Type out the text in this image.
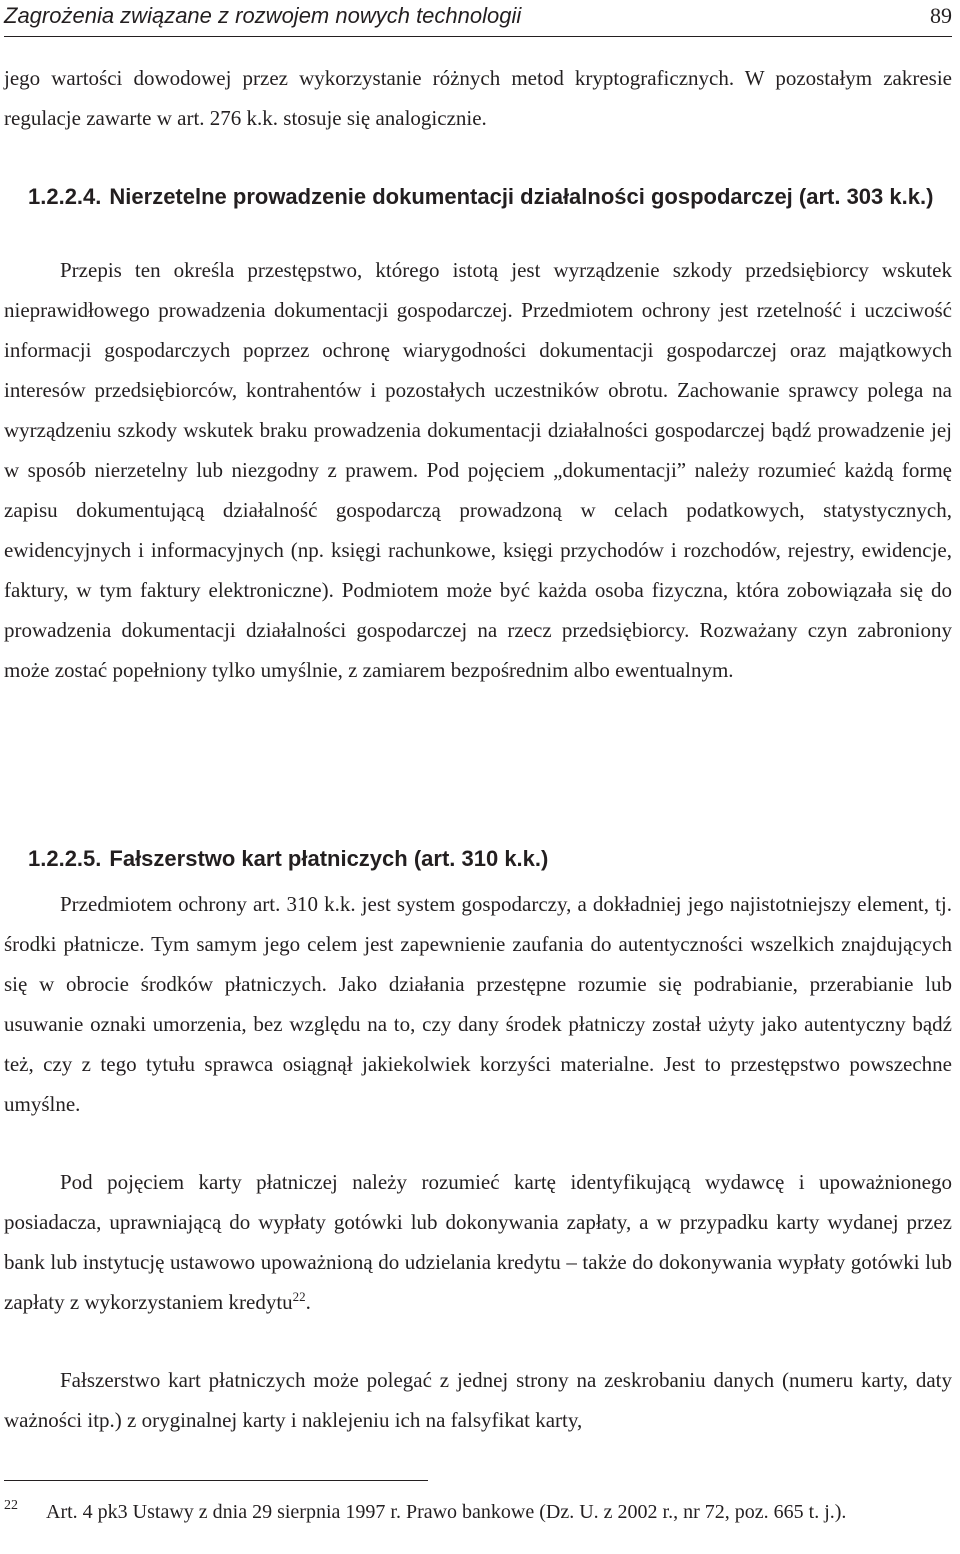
Zagrożenia związane z rozwojem nowych technologii	89

jego wartości dowodowej przez wykorzystanie różnych metod kryptograficznych. W pozostałym zakresie regulacje zawarte w art. 276 k.k. stosuje się analogicznie.

1.2.2.4. Nierzetelne prowadzenie dokumentacji działalności gospodarczej (art. 303 k.k.)

Przepis ten określa przestępstwo, którego istotą jest wyrządzenie szkody przedsiębiorcy wskutek nieprawidłowego prowadzenia dokumentacji gospodarczej. Przedmiotem ochrony jest rzetelność i uczciwość informacji gospodarczych poprzez ochronę wiarygodności dokumentacji gospodarczej oraz majątkowych interesów przedsiębiorców, kontrahentów i pozostałych uczestników obrotu. Zachowanie sprawcy polega na wyrządzeniu szkody wskutek braku prowadzenia dokumentacji działalności gospodarczej bądź prowadzenie jej w sposób nierzetelny lub niezgodny z prawem. Pod pojęciem „dokumentacji” należy rozumieć każdą formę zapisu dokumentującą działalność gospodarczą prowadzoną w celach podatkowych, statystycznych, ewidencyjnych i informacyjnych (np. księgi rachunkowe, księgi przychodów i rozchodów, rejestry, ewidencje, faktury, w tym faktury elektroniczne). Podmiotem może być każda osoba fizyczna, która zobowiązała się do prowadzenia dokumentacji działalności gospodarczej na rzecz przedsiębiorcy. Rozważany czyn zabroniony może zostać popełniony tylko umyślnie, z zamiarem bezpośrednim albo ewentualnym.

1.2.2.5. Fałszerstwo kart płatniczych (art. 310 k.k.)

Przedmiotem ochrony art. 310 k.k. jest system gospodarczy, a dokładniej jego najistotniejszy element, tj. środki płatnicze. Tym samym jego celem jest zapewnienie zaufania do autentyczności wszelkich znajdujących się w obrocie środków płatniczych. Jako działania przestępne rozumie się podrabianie, przerabianie lub usuwanie oznaki umorzenia, bez względu na to, czy dany środek płatniczy został użyty jako autentyczny bądź też, czy z tego tytułu sprawca osiągnął jakiekolwiek korzyści materialne. Jest to przestępstwo powszechne umyślne.

Pod pojęciem karty płatniczej należy rozumieć kartę identyfikującą wydawcę i upoważnionego posiadacza, uprawniającą do wypłaty gotówki lub dokonywania zapłaty, a w przypadku karty wydanej przez bank lub instytucję ustawowo upoważnioną do udzielania kredytu – także do dokonywania wypłaty gotówki lub zapłaty z wykorzystaniem kredytu$^{22}$.

Fałszerstwo kart płatniczych może polegać z jednej strony na zeskrobaniu danych (numeru karty, daty ważności itp.) z oryginalnej karty i naklejeniu ich na falsyfikat karty,

22 Art. 4 pk3 Ustawy z dnia 29 sierpnia 1997 r. Prawo bankowe (Dz. U. z 2002 r., nr 72, poz. 665 t. j.).
